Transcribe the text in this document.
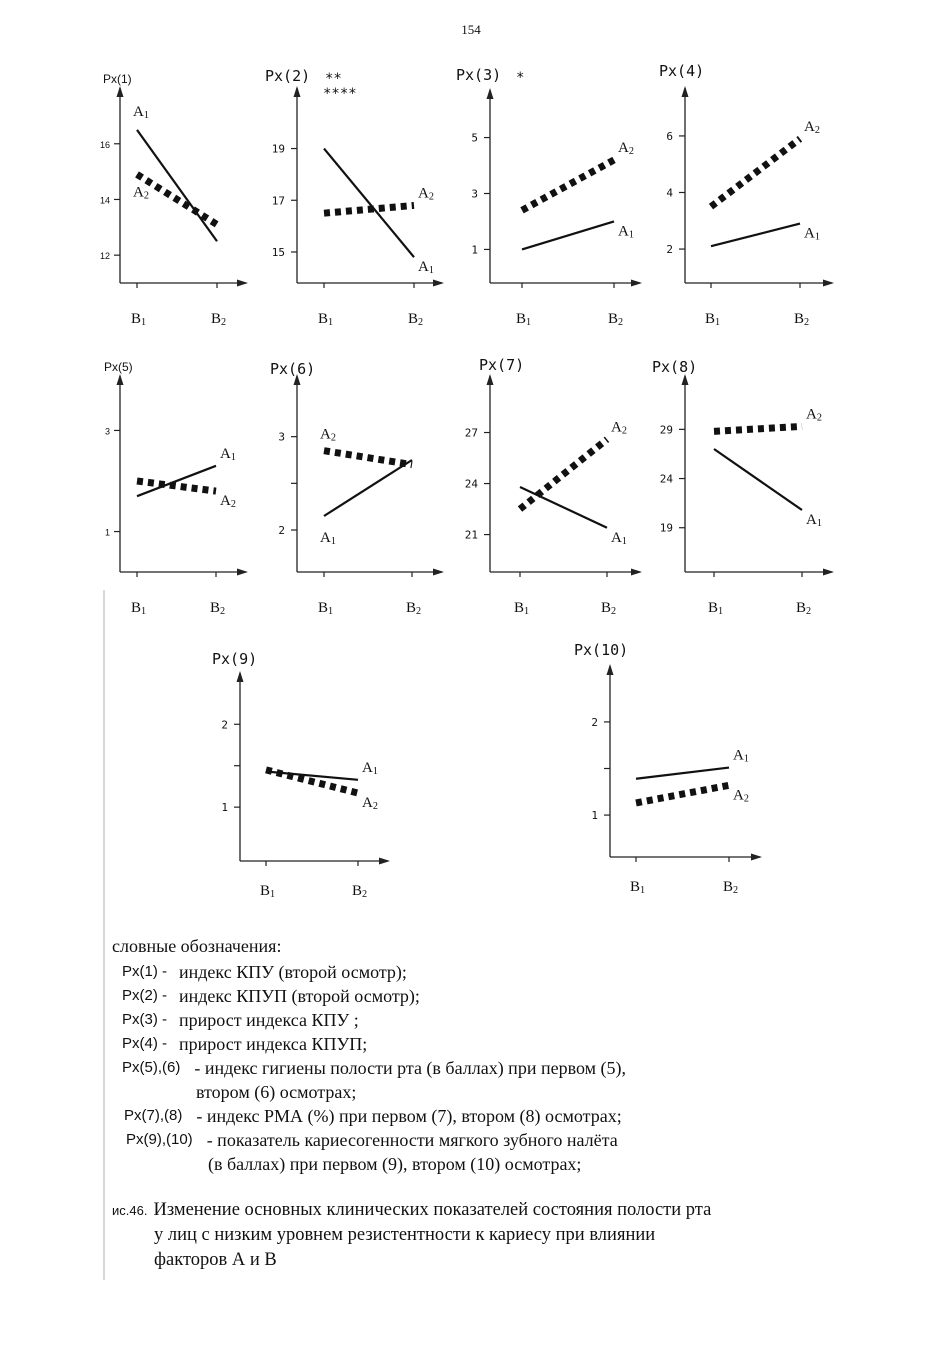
154
B1	B2
12
14
16
Px(1)
A1
A2
B1	B2
15
17
19
Px(2) **
****
A1
A2
B1	B2
1
3
5
Px(3) *
A1
A2
B1	B2
2
4
6
Px(4)
A1
A2
B1	B2
1
3
Px(5)
A1
A2
B1	B2
2
3
Px(6)
A1
A2
B1	B2
21
24
27
Px(7)
A1
A2
B1	B2
19
24
29
Px(8)
A1
A2
B1	B2
1
2
Px(9)
A1
A2
B1	B2
1
2
Px(10)
A1
A2
словные обозначения:
Px(1) - индекс КПУ (второй осмотр);
Px(2) - индекс КПУП (второй осмотр);
Px(3) - прирост индекса КПУ ;
Px(4) - прирост индекса КПУП;
Px(5),(6) - индекс гигиены полости рта (в баллах) при первом (5),
втором (6) осмотрах;
Px(7),(8) - индекс РМА (%) при первом (7), втором (8) осмотрах;
Px(9),(10) - показатель кариесогенности мягкого зубного налёта
(в баллах) при первом (9), втором (10) осмотрах;
ис.46. Изменение основных клинических показателей состояния полости рта
у лиц с низким уровнем резистентности к кариесу при влиянии
факторов А и В
